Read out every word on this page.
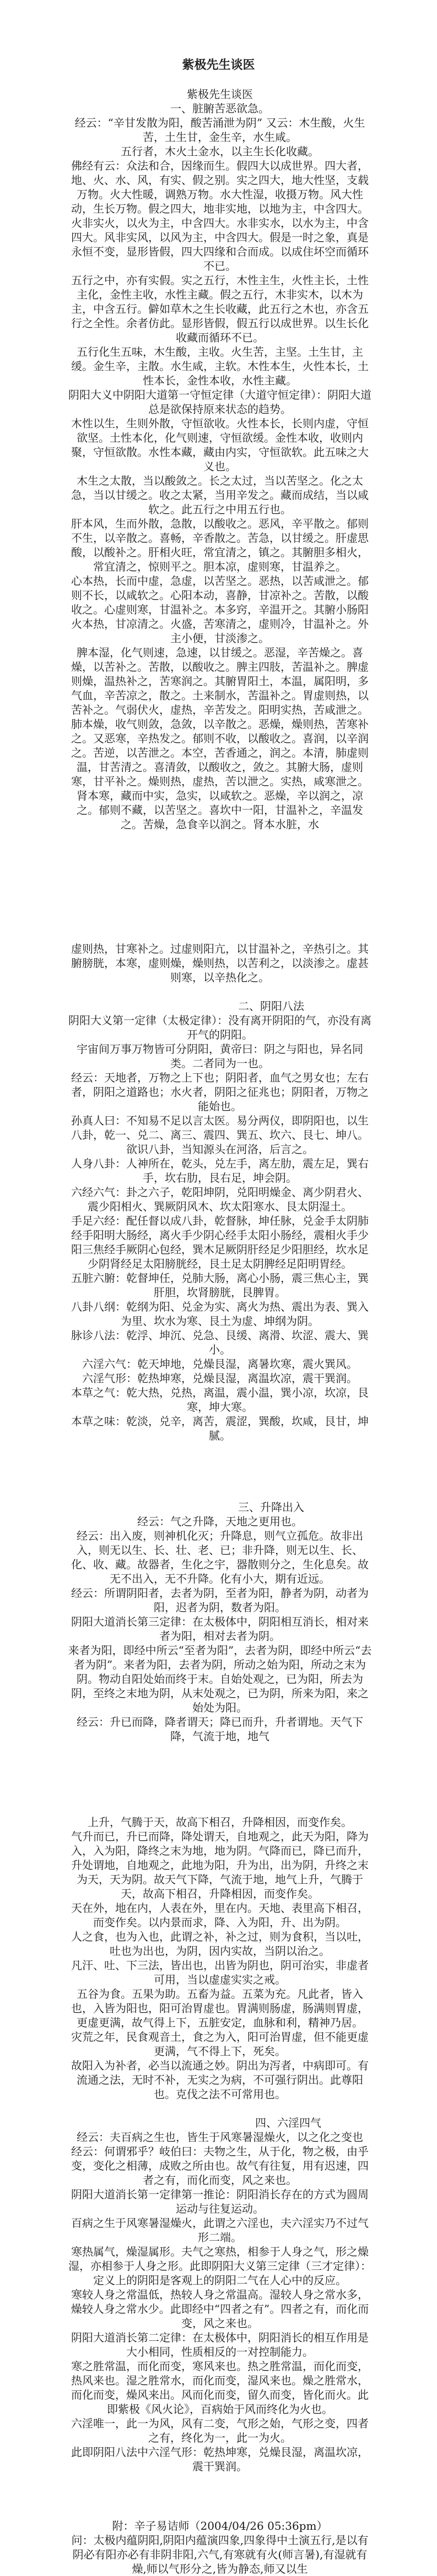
紫极先生谈医
紫极先生谈医
一、脏腑苦恶欲急。

经云：“辛甘发散为阳，酸苦涌泄为阴” 又云：木生酸，火生苦，土生甘，金生辛，水生咸。

五行者，木火土金水，以主生长化收藏。

佛经有云：众法和合，因缘而生。假四大以成世界。四大者，地、火、水、风，有实、假之别。实之四大，地大性坚，支载万物。火大性暖，调熟万物。水大性湿，收摄万物。风大性动，生长万物。假之四大，地非实地，以地为主，中含四大。火非实火，以火为主，中含四大。水非实水，以水为主，中含四大。风非实风，以风为主，中含四大。假是一时之象，真是永恒不变，显形皆假，四大四缘和合而成。以成住坏空而循环不已。

五行之中，亦有实假。实之五行，木性主生，火性主长，土性主化，金性主收，水性主藏。假之五行，木非实木，以木为主，中含五行。僻如草木之生长收藏，此五行之木也，亦含五行之全性。余者仿此。显形皆假，假五行以成世界。以生长化收藏而循环不已。

五行化生五味，木生酸，主收。火生苦，主坚。土生甘，主缓。金生辛，主散。水生咸，主软。木性本生，火性本长，土性本长，金性本收，水性主藏。

阴阳大义中阴阳大道第一守恒定律（大道守恒定律）：阴阳大道总是欲保持原来状态的趋势。

木性以生，生则外散，守恒欲收。火性本长，长则内虚，守恒欲坚。土性本化，化气则速，守恒欲缓。金性本收，收则内聚，守恒欲散。水性本藏，藏由内实，守恒欲软。此五味之大义也。

木生之太散，当以酸敛之。长之太过，当以苦坚之。化之太急，当以甘缓之。收之太紧，当用辛发之。藏而成结，当以咸软之。此五行之中用五行也。

肝本风，生而外散，急散，以酸收之。恶风，辛平散之。郁则不生，以辛散之。喜畅，辛香散之。苦急，以甘缓之。肝虚思酸，以酸补之。肝相火旺，常宜清之，镇之。其腑胆多相火，常宜清之，惊则平之。胆本凉，虚则寒，甘温养之。

心本热，长而中虚，急虚，以苦坚之。恶热，以苦咸泄之。郁则不长，以咸软之。心阳本动，喜静，甘凉补之。苦散，以酸收之。心虚则寒，甘温补之。本多窍，辛温开之。其腑小肠阳火本热，甘凉清之。火盛，苦寒清之，虚则冷，甘温补之。外主小便，甘淡渗之。

脾本湿，化气则速，急速，以甘缓之。恶湿，辛苦燥之。喜燥，以苦补之。苦散，以酸收之。脾主四肢，苦温补之。脾虚则燥，温热补之，苦寒润之。其腑胃阳土，本温，属阳明，多气血，辛苦凉之，散之。土来制水，苦温补之。胃虚则热，以苦补之。气弱伏火，虚热，辛苦发之。阳明实热，苦咸泄之。

肺本燥，收气则敛，急敛，以辛散之。恶燥，燥则热，苦寒补之。又恶寒，辛热发之。郁则不收，以酸收之。喜润，以辛润之。苦逆，以苦泄之。本空，苦香通之，润之。本清，肺虚则温，甘苦清之。喜清敛，以酸收之，敛之。其腑大肠，虚则寒，甘平补之。燥则热，虚热，苦以泄之。实热，咸寒泄之。

肾本寒，藏而中实，急实，以咸软之。恶燥，辛以润之，凉之。郁则不藏，以苦坚之。喜坎中一阳，甘温补之，辛温发之。苦燥，急食辛以润之。肾本水脏，水

虚则热，甘寒补之。过虚则阳亢，以甘温补之，辛热引之。其腑膀胱，本寒，虚则燥，燥则热，以苦利之，以淡渗之。虚甚则寒，以辛热化之。

二、阴阳八法

阴阳大义第一定律（太极定律）：没有离开阴阳的气，亦没有离开气的阴阳。

宇宙间万事万物皆可分阴阳，黄帝曰：阴之与阳也，异名同类。二者同为一也。

经云：天地者，万物之上下也；阴阳者，血气之男女也；左右者，阴阳之道路也；水火者，阴阳之征兆也；阴阳者，万物之能始也。

孙真人曰：不知易不足以言太医。易分两仪，即阴阳也，以生八卦，乾一、兑二、离三、震四、巽五、坎六、艮七、坤八。

欲识八卦，当知源头在河洛，后言之。

人身八卦：人神所在，乾头，兑左手，离左肋，震左足，巽右手，坎右肋，艮右足，坤会阴。

六经六气：卦之六子，乾阳坤阴，兑阳明燥金、离少阴君火、震少阳相火、巽厥阴风木、坎太阳寒水、艮太阴湿土。

手足六经：配任督以成八卦，乾督脉，坤任脉，兑金手太阴肺经手阳明大肠经，离火手少阴心经手太阳小肠经，震相火手少阳三焦经手厥阴心包经，巽木足厥阴肝经足少阳胆经，坎水足少阴肾经足太阳膀胱经，艮土足太阴脾经足阳明胃经。

五脏六腑：乾督坤任，兑肺大肠，离心小肠，震三焦心主，巽肝胆，坎肾膀胱，艮脾胃。

八卦八纲：乾纲为阳、兑金为实、离火为热、震出为表、巽入为里、坎水为寒、艮土为虚、坤纲为阴。

脉诊八法：乾浮、坤沉、兑急、艮缓、离滑、坎涩、震大、巽小。

六淫六气：乾天坤地，兑燥艮湿，离暑坎寒，震火巽风。

六淫气形：乾热坤寒，兑燥艮湿，离温坎凉，震干巽润。

本草之气：乾大热，兑热，离温，震小温，巽小凉，坎凉，艮寒，坤大寒。

本草之味：乾淡，兑辛，离苦，震涩，巽酸，坎咸，艮甘，坤腻。

三、升降出入

经云：气之升降，天地之更用也。

经云：出入废，则神机化灭；升降息，则气立孤危。故非出入，则无以生、长、壮、老、已；非升降，则无以生、长、化、收、藏。故器者，生化之宇，器散则分之，生化息矣。故无不出入，无不升降。化有小大，期有近远。

经云：所谓阴阳者，去者为阴，至者为阳，静者为阴，动者为阳，迟者为阴，数者为阳。

阴阳大道消长第三定律：在太极体中，阴阳相互消长，相对来者为阳，相对去者为阴。

来者为阳，即经中所云“至者为阳”，去者为阴，即经中所云“去者为阴”。来者为阳，去者为阴，所动之始为阳，所动之末为阴。物动自阳处始而终于末。自始处观之，已为阳，所去为阴，至终之末地为阴，从末处观之，已为阴，所来为阳，来之始处为阳。

经云：升已而降，降者谓天；降已而升，升者谓地。天气下降，气流于地，地气

上升，气腾于天，故高下相召，升降相因，而变作矣。

气升而已，升已而降，降处谓天，自地观之，此天为阳，降为入，入为阳，降终之末为地，地为阴。气降而已，降已而升，升处谓地，自地观之，此地为阳，升为出，出为阴，升终之末为天，天为阴。故天气下降，气流于地，地气上升，气腾于天，故高下相召，升降相因，而变作矣。

天在外，地在内，人表在外，里在内。天地、表里高下相召，而变作矣。以内景而求，降、入为阳，升、出为阴。

人之食，也为入也，此谓之补，补之过，则为食积，当以吐，吐也为出也，为阴，因内实故，当阴以治之。

凡汗、吐、下三法，皆出也，出皆为阴也，阴可治实，非虚者可用，当以虚虚实实之戒。

五谷为食。五果为助。五畜为益。五菜为充。凡此者，皆入也，入皆为阳也，阳可治胃虚也。胃满则肠虚，肠满则胃虚，更虚更满，故气得上下，五脏安定，血脉和利，精神乃居。

灾荒之年，民食观音土，食之为入，阳可治胃虚，但不能更虚更满，气不得上下，死矣。

故阳入为补者，必当以流通之妙。阴出为泻者，中病即可。有流通之法，无时不补，无实之为病，不可强行阴出。此尊阳也。克伐之法不可常用也。

四、六淫四气

经云：夫百病之生也，皆生于风寒暑湿燥火，以之化之变也

经云：何谓邪乎？岐伯曰：夫物之生，从于化，物之极，由乎变，变化之相薄，成败之所由也。故气有往复，用有迟速，四者之有，而化而变，风之来也。

阴阳大道消长第一定律第一推论：阴阳消长存在的方式为圆周运动与往复运动。

百病之生于风寒暑湿燥火，此谓之六淫也，夫六淫实乃不过气形二端。

寒热属气，燥湿属形。夫气之寒热，相参于人身之气，形之燥湿，亦相参于人身之形。此即阴阳大义第三定律（三才定律）：定义上的阴阳是客观上的阴阳二气在人心中的反应。

寒较人身之常温低，热较人身之常温高。湿较人身之常水多，燥较人身之常水少。此即经中“四者之有”。四者之有，而化而变，风之来也。

阴阳大道消长第二定律：在太极体中，阴阳消长的相互作用是大小相同，性质相反的一对控制能力。

寒之胜常温，而化而变，寒风来也。热之胜常温，而化而变，热风来也。湿之胜常水，而化而变，湿风来也。燥之胜常水，而化而变，燥风来出。风而化而变，留久而变，皆化而火。此即紫极《风火论》，百病始于风而终化为火也。

六淫唯一，此一为风，风有二变，气形之始，气形之变，四者之有，终化为一，此一为火。

此即阴阳八法中六淫气形：乾热坤寒，兑燥艮湿，离温坎凉，震干巽润。

附：辛子易诘师（2004/04/26 05:36pm）

问：太极内蕴阴阳,阴阳内蕴演四象,四象得中土演五行,是以有阴必有阳亦必有非阴非阳,六气,有寒就有火(师言暑),有湿就有燥,师以气形分之,皆为静态,师又以生
